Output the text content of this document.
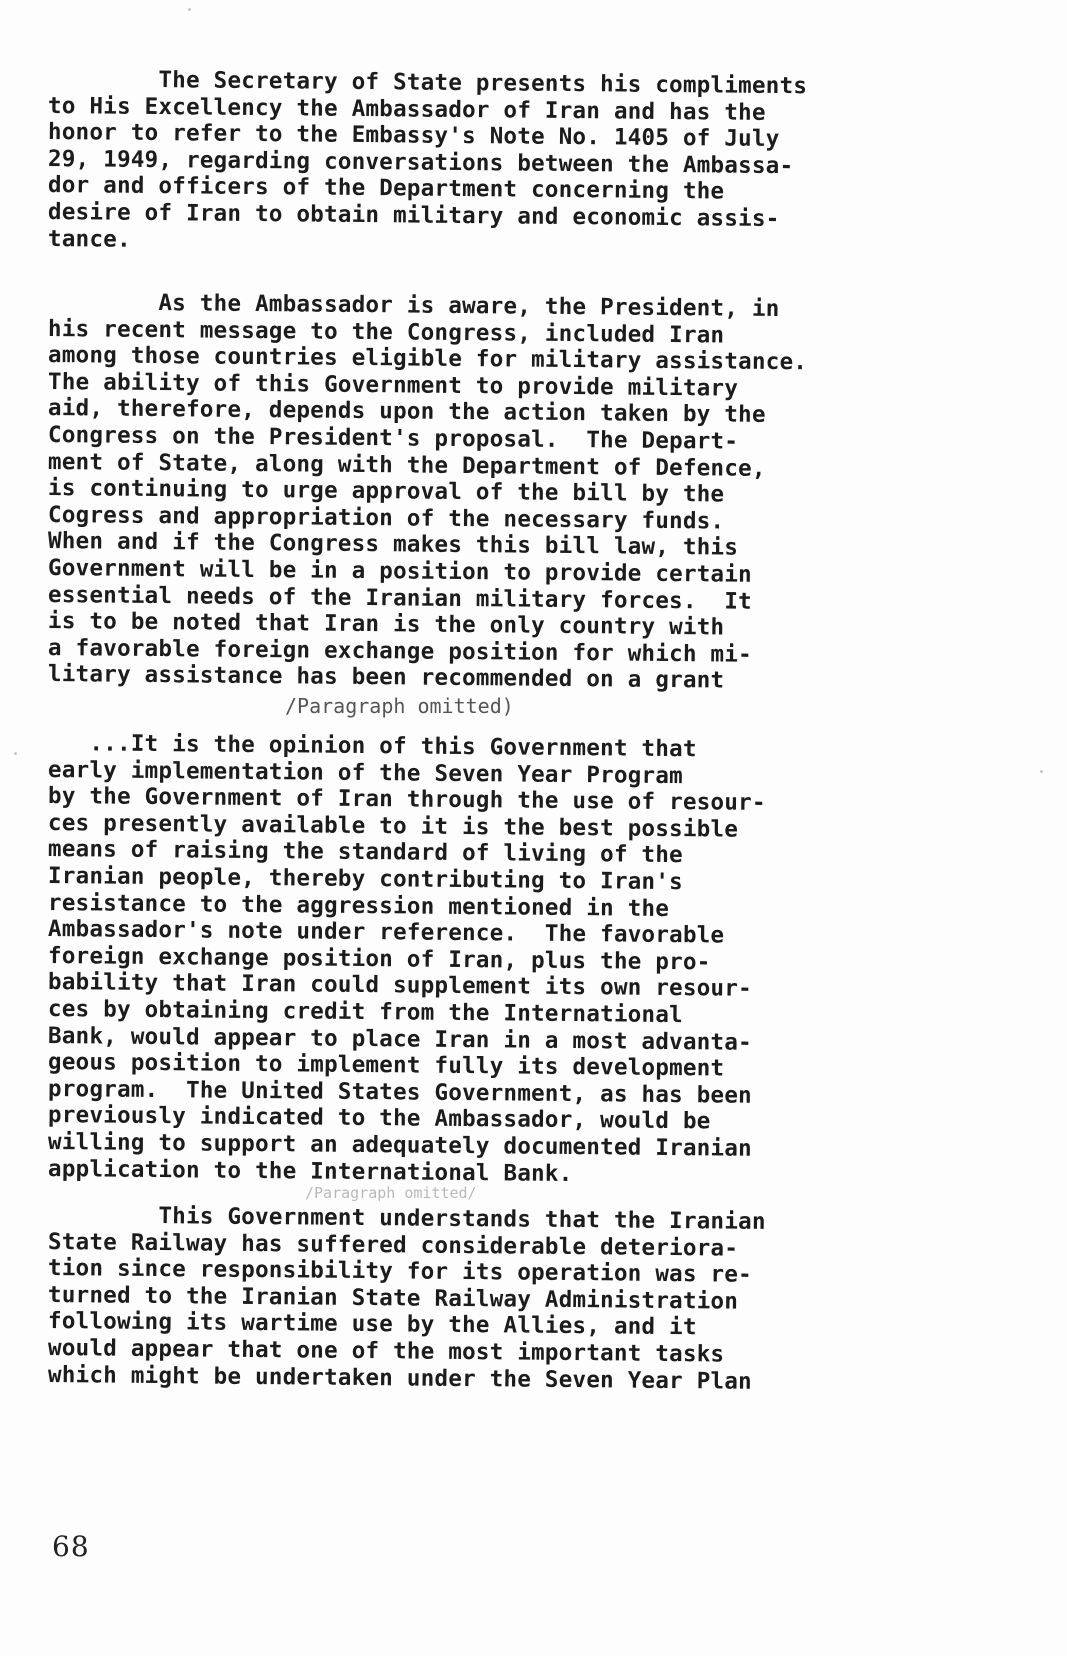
The Secretary of State presents his compliments
to His Excellency the Ambassador of Iran and has the
honor to refer to the Embassy's Note No. 1405 of July
29, 1949, regarding conversations between the Ambassa-
dor and officers of the Department concerning the
desire of Iran to obtain military and economic assis-
tance.
As the Ambassador is aware, the President, in
his recent message to the Congress, included Iran
among those countries eligible for military assistance.
The ability of this Government to provide military
aid, therefore, depends upon the action taken by the
Congress on the President's proposal.  The Depart-
ment of State, along with the Department of Defence,
is continuing to urge approval of the bill by the
Cogress and appropriation of the necessary funds.
When and if the Congress makes this bill law, this
Government will be in a position to provide certain
essential needs of the Iranian military forces.  It
is to be noted that Iran is the only country with
a favorable foreign exchange position for which mi-
litary assistance has been recommended on a grant
/Paragraph omitted)
...It is the opinion of this Government that
early implementation of the Seven Year Program
by the Government of Iran through the use of resour-
ces presently available to it is the best possible
means of raising the standard of living of the
Iranian people, thereby contributing to Iran's
resistance to the aggression mentioned in the
Ambassador's note under reference.  The favorable
foreign exchange position of Iran, plus the pro-
bability that Iran could supplement its own resour-
ces by obtaining credit from the International
Bank, would appear to place Iran in a most advanta-
geous position to implement fully its development
program.  The United States Government, as has been
previously indicated to the Ambassador, would be
willing to support an adequately documented Iranian
application to the International Bank.
/Paragraph omitted/
This Government understands that the Iranian
State Railway has suffered considerable deteriora-
tion since responsibility for its operation was re-
turned to the Iranian State Railway Administration
following its wartime use by the Allies, and it
would appear that one of the most important tasks
which might be undertaken under the Seven Year Plan
68
